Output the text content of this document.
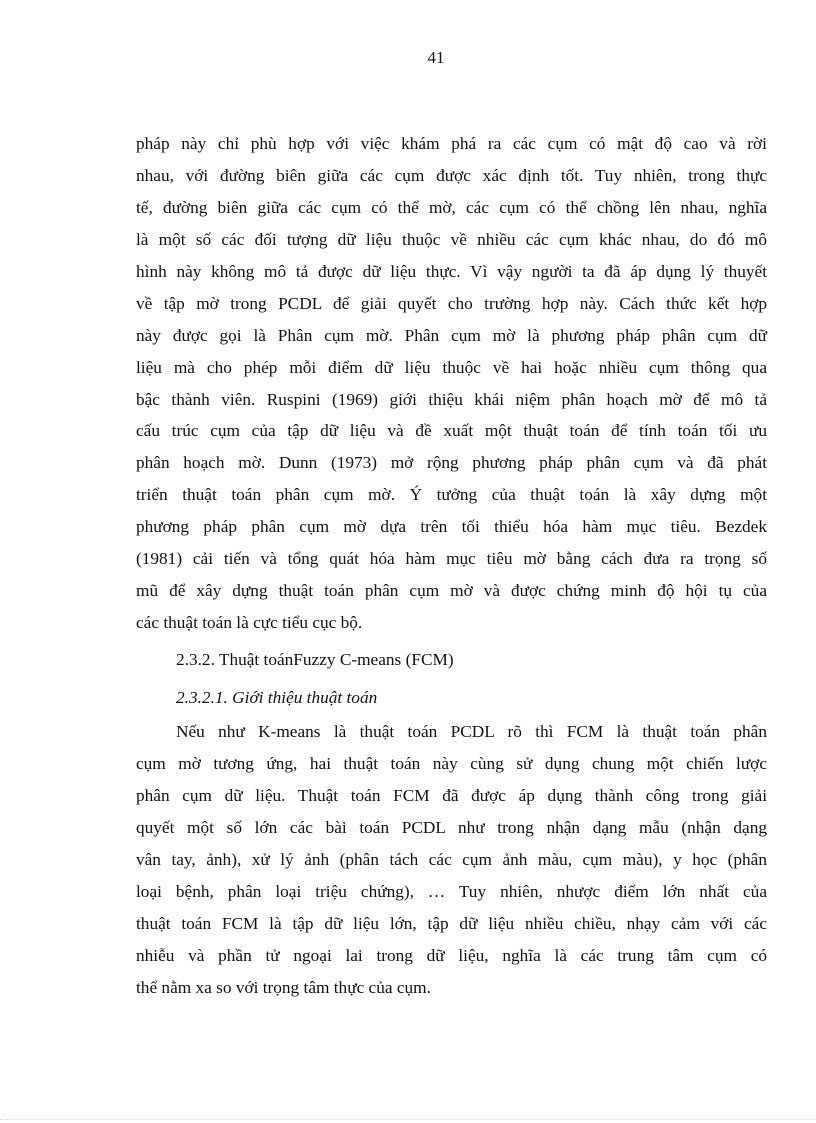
41
pháp này chỉ phù hợp với việc khám phá ra các cụm có mật độ cao và rời
nhau, với đường biên giữa các cụm được xác định tốt. Tuy nhiên, trong thực
tế, đường biên giữa các cụm có thể mờ, các cụm có thể chồng lên nhau, nghĩa
là một số các đối tượng dữ liệu thuộc về nhiều các cụm khác nhau, do đó mô
hình này không mô tả được dữ liệu thực. Vì vậy người ta đã áp dụng lý thuyết
về tập mờ trong PCDL để giải quyết cho trường hợp này. Cách thức kết hợp
này được gọi là Phân cụm mờ. Phân cụm mờ là phương pháp phân cụm dữ
liệu mà cho phép mỗi điểm dữ liệu thuộc về hai hoặc nhiều cụm thông qua
bậc thành viên. Ruspini (1969) giới thiệu khái niệm phân hoạch mờ để mô tả
cấu trúc cụm của tập dữ liệu và đề xuất một thuật toán để tính toán tối ưu
phân hoạch mờ. Dunn (1973) mở rộng phương pháp phân cụm và đã phát
triển thuật toán phân cụm mờ. Ý tưởng của thuật toán là xây dựng một
phương pháp phân cụm mờ dựa trên tối thiểu hóa hàm mục tiêu. Bezdek
(1981) cải tiến và tổng quát hóa hàm mục tiêu mờ bằng cách đưa ra trọng số
mũ để xây dựng thuật toán phân cụm mờ và được chứng minh độ hội tụ của
các thuật toán là cực tiểu cục bộ.
2.3.2. Thuật toánFuzzy C-means (FCM)
2.3.2.1. Giới thiệu thuật toán
Nếu như K-means là thuật toán PCDL rõ thì FCM là thuật toán phân
cụm mờ tương ứng, hai thuật toán này cùng sử dụng chung một chiến lược
phân cụm dữ liệu. Thuật toán FCM đã được áp dụng thành công trong giải
quyết một số lớn các bài toán PCDL như trong nhận dạng mẫu (nhận dạng
vân tay, ảnh), xử lý ảnh (phân tách các cụm ảnh màu, cụm màu), y học (phân
loại bệnh, phân loại triệu chứng), … Tuy nhiên, nhược điểm lớn nhất của
thuật toán FCM là tập dữ liệu lớn, tập dữ liệu nhiều chiều, nhạy cảm với các
nhiễu và phần tử ngoại lai trong dữ liệu, nghĩa là các trung tâm cụm có
thể nằm xa so với trọng tâm thực của cụm.
